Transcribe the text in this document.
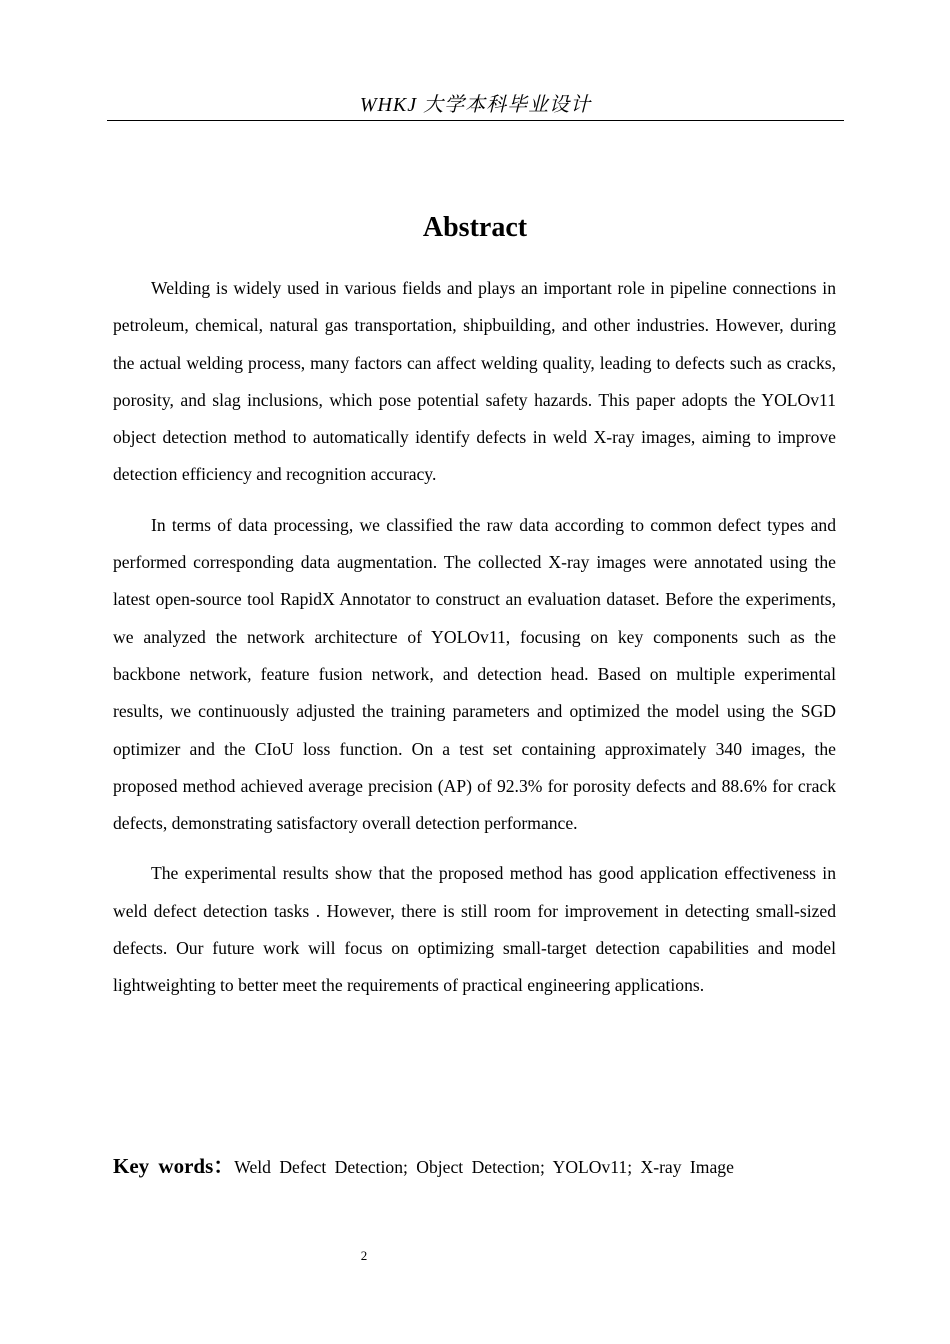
WHKJ 大学本科毕业设计
Abstract

Welding is widely used in various fields and plays an important role in pipeline connections in petroleum, chemical, natural gas transportation, shipbuilding, and other industries. However, during the actual welding process, many factors can affect welding quality, leading to defects such as cracks, porosity, and slag inclusions, which pose potential safety hazards. This paper adopts the YOLOv11 object detection method to automatically identify defects in weld X-ray images, aiming to improve detection efficiency and recognition accuracy.

In terms of data processing, we classified the raw data according to common defect types and performed corresponding data augmentation. The collected X-ray images were annotated using the latest open-source tool RapidX Annotator to construct an evaluation dataset. Before the experiments, we analyzed the network architecture of YOLOv11, focusing on key components such as the backbone network, feature fusion network, and detection head. Based on multiple experimental results, we continuously adjusted the training parameters and optimized the model using the SGD optimizer and the CIoU loss function. On a test set containing approximately 340 images, the proposed method achieved average precision (AP) of 92.3% for porosity defects and 88.6% for crack defects, demonstrating satisfactory overall detection performance.

The experimental results show that the proposed method has good application effectiveness in weld defect detection tasks . However, there is still room for improvement in detecting small-sized defects. Our future work will focus on optimizing small-target detection capabilities and model lightweighting to better meet the requirements of practical engineering applications.

Key words：Weld Defect Detection; Object Detection; YOLOv11; X-ray Image
2
